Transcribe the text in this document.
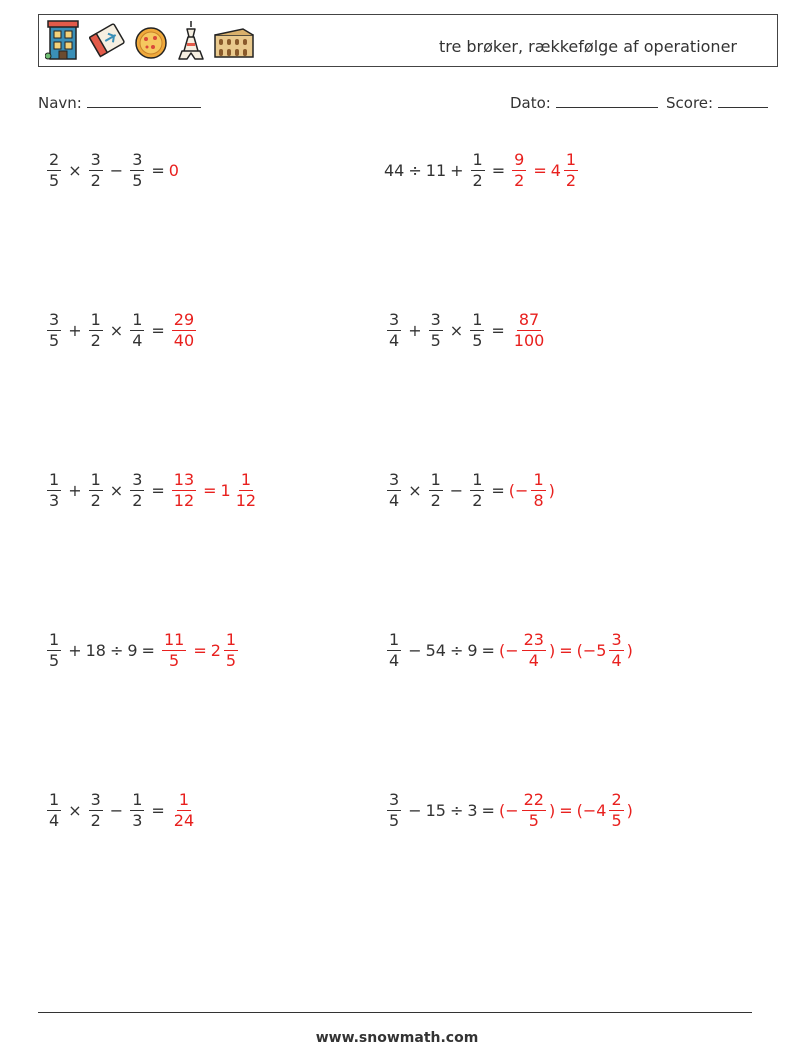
tre brøker, rækkefølge af operationer
Navn:	Dato:	Score:
$\frac{2}{5} \times \frac{3}{2} - \frac{3}{5} = 0$	$44 \div 11 + \frac{1}{2} = \frac{9}{2} = 4 \frac{1}{2}$
$\frac{3}{5} + \frac{1}{2} \times \frac{1}{4} = \frac{29}{40}$	$\frac{3}{4} + \frac{3}{5} \times \frac{1}{5} = \frac{87}{100}$
$\frac{1}{3} + \frac{1}{2} \times \frac{3}{2} = \frac{13}{12} = 1 \frac{1}{12}$	$\frac{3}{4} \times \frac{1}{2} - \frac{1}{2}$ = (− $\frac{1}{8}$ )
$\frac{1}{5} + 18 \div 9 = \frac{11}{5} = 2 \frac{1}{5}$	$\frac{1}{4} - 54 \div 9$ = (− $\frac{23}{4}$ ) = ($-5 \frac{3}{4}$ )
$\frac{1}{4} \times \frac{3}{2} - \frac{1}{3} = \frac{1}{24}$	$\frac{3}{5} - 15 \div 3$ = (− $\frac{22}{5}$ ) = ($-4 \frac{2}{5}$ )
www.snowmath.com
